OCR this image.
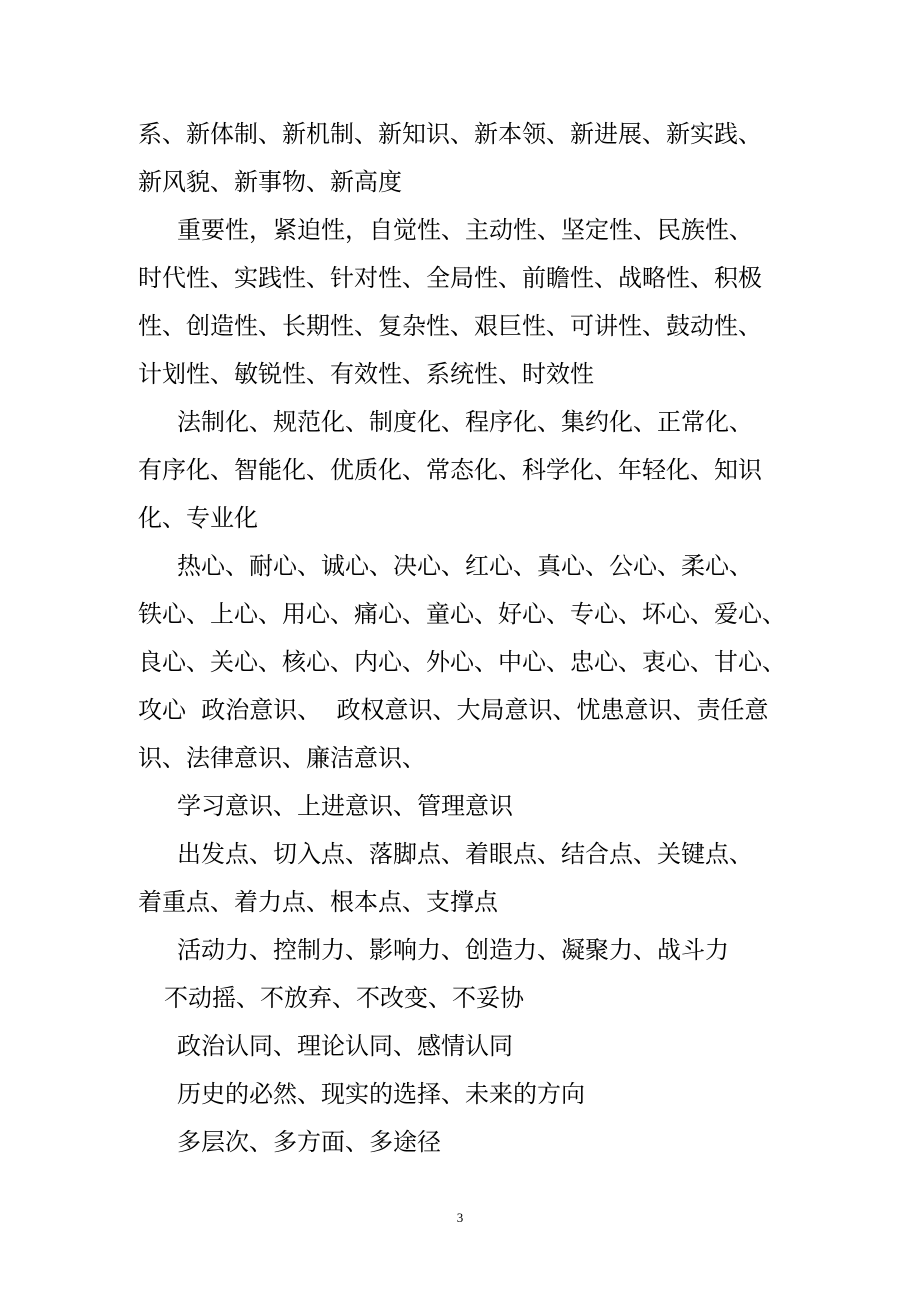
系、新体制、新机制、新知识、新本领、新进展、新实践、
新风貌、新事物、新高度
重要性，紧迫性，自觉性、主动性、坚定性、民族性、
时代性、实践性、针对性、全局性、前瞻性、战略性、积极
性、创造性、长期性、复杂性、艰巨性、可讲性、鼓动性、
计划性、敏锐性、有效性、系统性、时效性
法制化、规范化、制度化、程序化、集约化、正常化、
有序化、智能化、优质化、常态化、科学化、年轻化、知识
化、专业化
热心、耐心、诚心、决心、红心、真心、公心、柔心、
铁心、上心、用心、痛心、童心、好心、专心、坏心、爱心、
良心、关心、核心、内心、外心、中心、忠心、衷心、甘心、
攻心  政治意识、  政权意识、大局意识、忧患意识、责任意
识、法律意识、廉洁意识、
学习意识、上进意识、管理意识
出发点、切入点、落脚点、着眼点、结合点、关键点、
着重点、着力点、根本点、支撑点
活动力、控制力、影响力、创造力、凝聚力、战斗力
不动摇、不放弃、不改变、不妥协
政治认同、理论认同、感情认同
历史的必然、现实的选择、未来的方向
多层次、多方面、多途径
3
